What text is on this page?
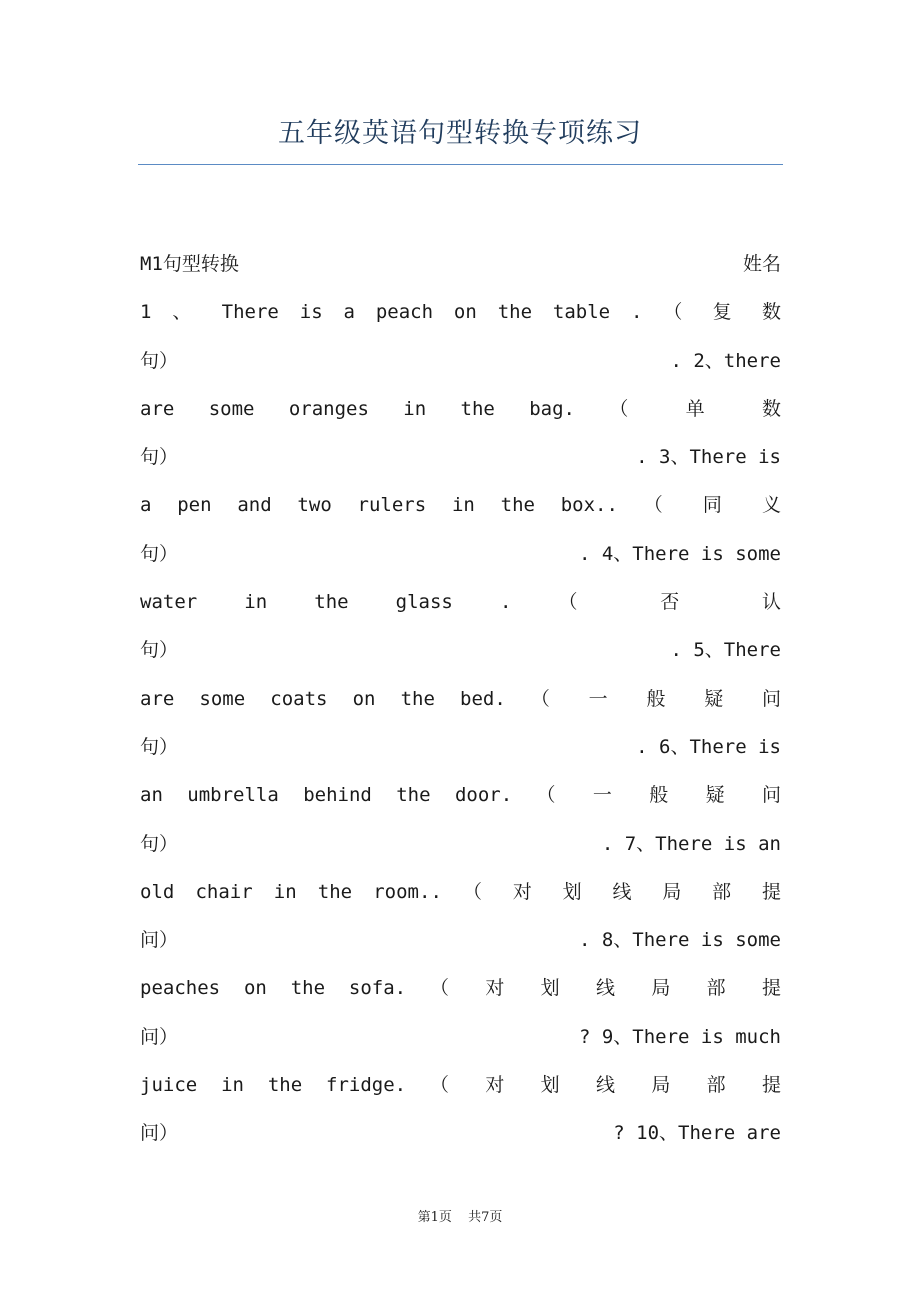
五年级英语句型转换专项练习
M1句型转换	姓名
1 、 There is a peach on the table . （ 复 数
句）	. 2、there
are some oranges in the bag. （ 单 数
句）	. 3、There is
a pen and two rulers in the box.. （ 同 义
句）	. 4、There is some
water in the glass . （ 否 认
句）	. 5、There
are some coats on the bed. （ 一 般 疑 问
句）	. 6、There is
an umbrella behind the door. （ 一 般 疑 问
句）	. 7、There is an
old chair in the room.. （ 对 划 线 局 部 提
问）	. 8、There is some
peaches on the sofa. （ 对 划 线 局 部 提
问）	? 9、There is much
juice in the fridge. （ 对 划 线 局 部 提
问）	? 10、There are
第1页 共7页
